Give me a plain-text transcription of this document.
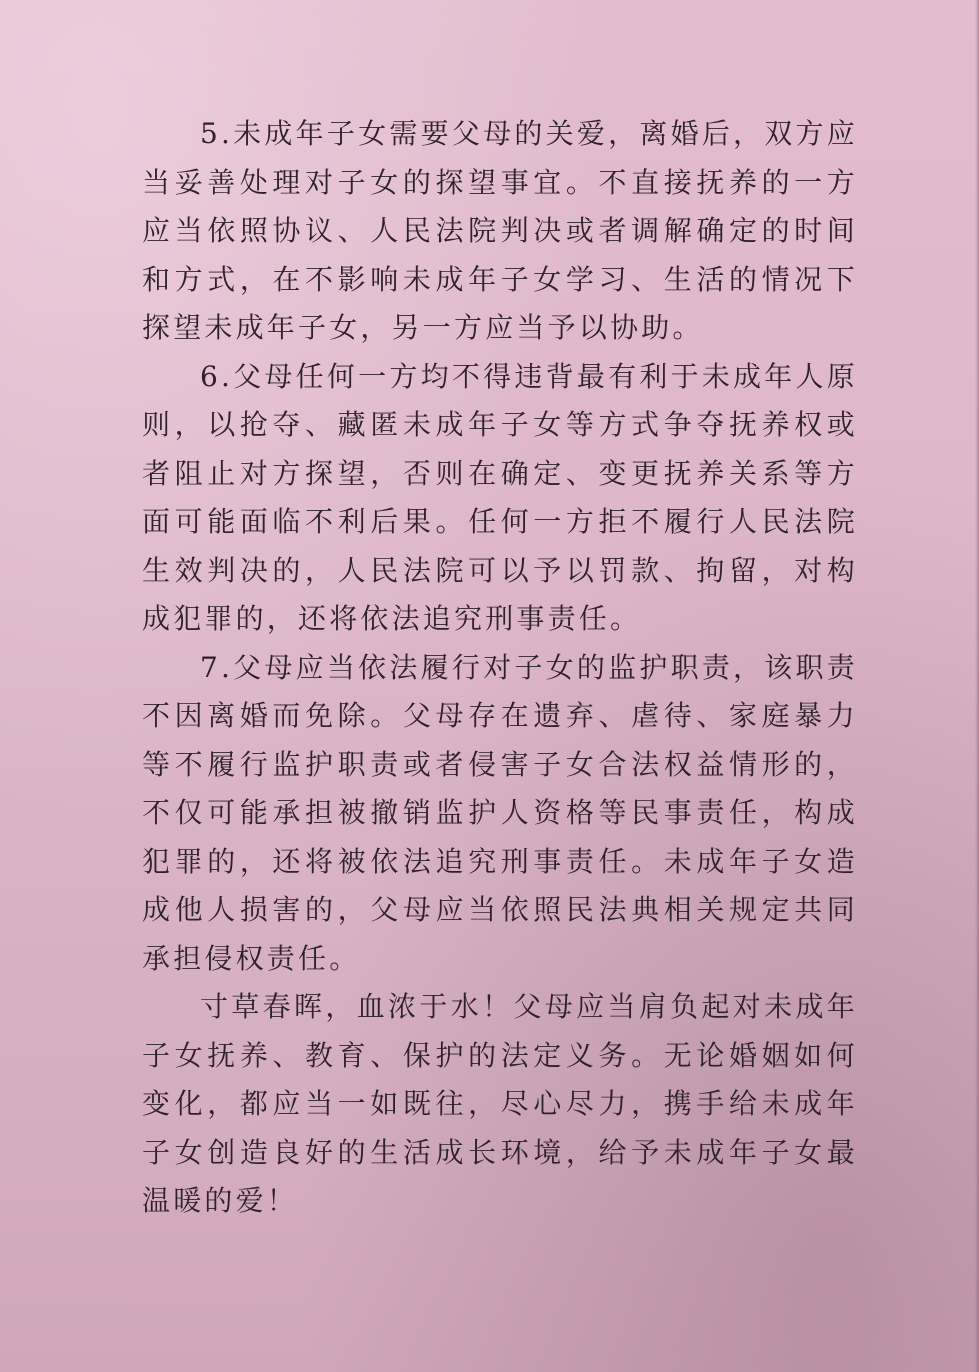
5.未成年子女需要父母的关爱，离婚后，双方应当妥善处理对子女的探望事宜。不直接抚养的一方应当依照协议、人民法院判决或者调解确定的时间和方式，在不影响未成年子女学习、生活的情况下探望未成年子女，另一方应当予以协助。

6.父母任何一方均不得违背最有利于未成年人原则，以抢夺、藏匿未成年子女等方式争夺抚养权或者阻止对方探望，否则在确定、变更抚养关系等方面可能面临不利后果。任何一方拒不履行人民法院生效判决的，人民法院可以予以罚款、拘留，对构成犯罪的，还将依法追究刑事责任。

7.父母应当依法履行对子女的监护职责，该职责不因离婚而免除。父母存在遗弃、虐待、家庭暴力等不履行监护职责或者侵害子女合法权益情形的，不仅可能承担被撤销监护人资格等民事责任，构成犯罪的，还将被依法追究刑事责任。未成年子女造成他人损害的，父母应当依照民法典相关规定共同承担侵权责任。

寸草春晖，血浓于水！父母应当肩负起对未成年子女抚养、教育、保护的法定义务。无论婚姻如何变化，都应当一如既往，尽心尽力，携手给未成年子女创造良好的生活成长环境，给予未成年子女最温暖的爱！
